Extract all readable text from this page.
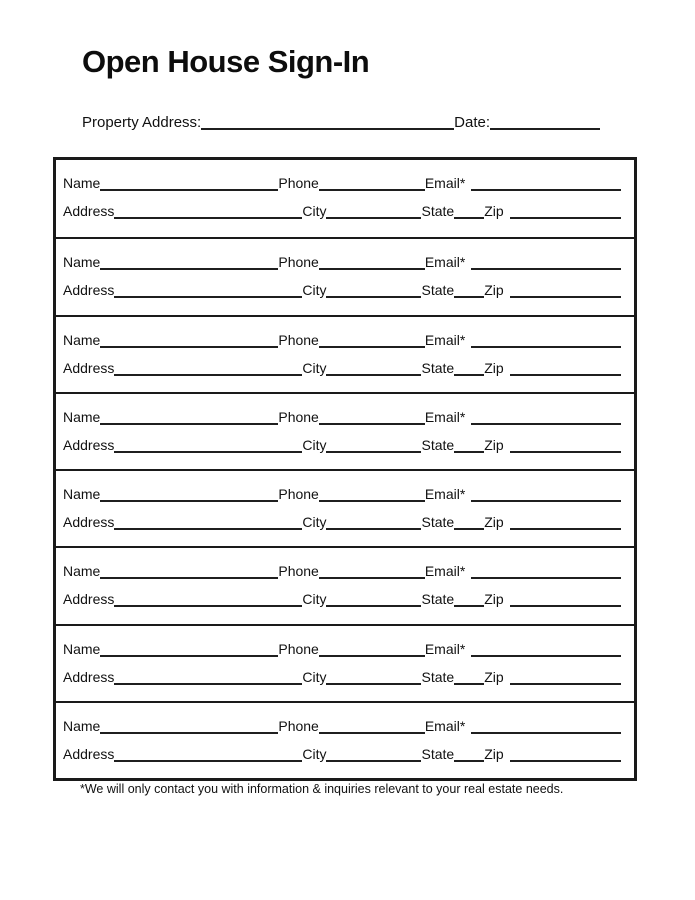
Open House Sign-In
Property Address:	Date:
Name	Phone	Email*
Address	City	State Zip
Name	Phone	Email*
Address	City	State Zip
Name	Phone	Email*
Address	City	State Zip
Name	Phone	Email*
Address	City	State Zip
Name	Phone	Email*
Address	City	State Zip
Name	Phone	Email*
Address	City	State Zip
Name	Phone	Email*
Address	City	State Zip
Name	Phone	Email*
Address	City	State Zip

*We will only contact you with information & inquiries relevant to your real estate needs.
